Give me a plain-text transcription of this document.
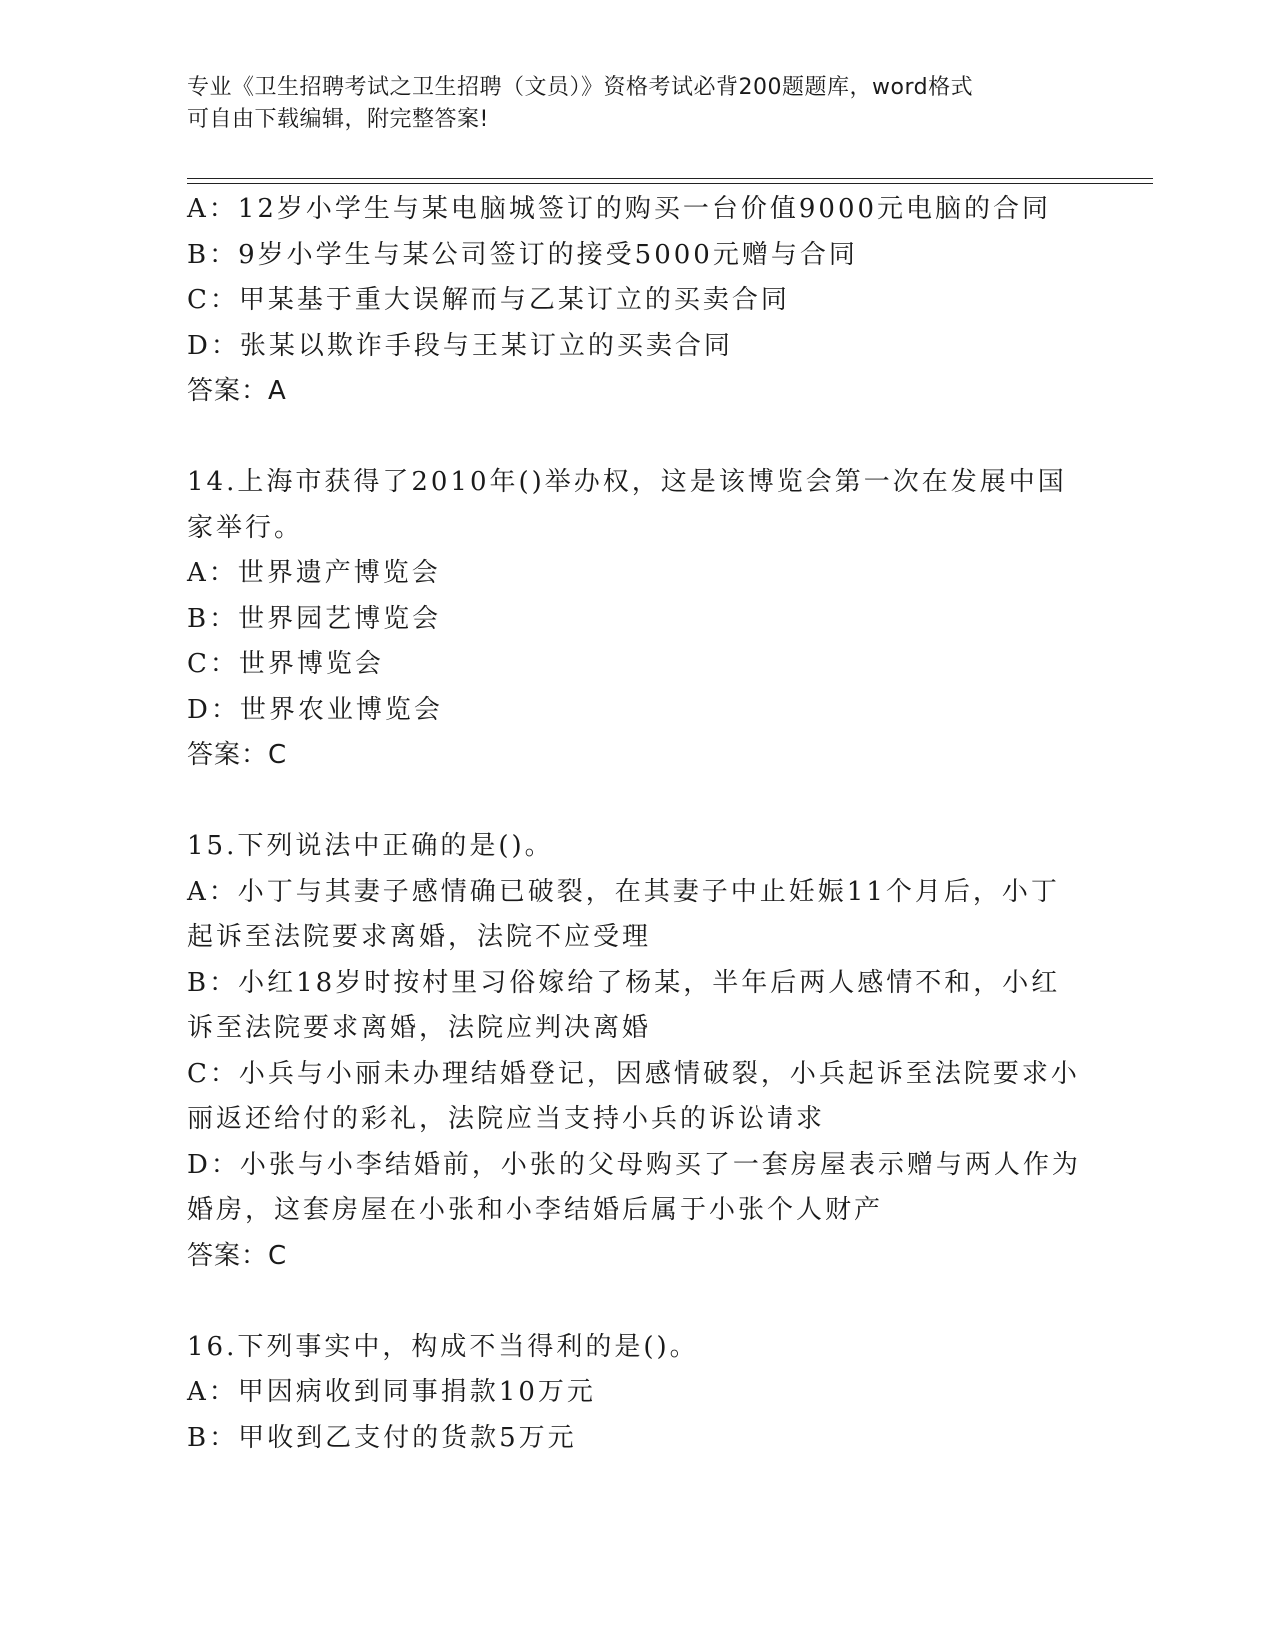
专业《卫生招聘考试之卫生招聘（文员）》资格考试必背200题题库，word格式
可自由下载编辑，附完整答案!
A：12岁小学生与某电脑城签订的购买一台价值9000元电脑的合同
B：9岁小学生与某公司签订的接受5000元赠与合同
C：甲某基于重大误解而与乙某订立的买卖合同
D：张某以欺诈手段与王某订立的买卖合同
答案：A
14.上海市获得了2010年()举办权，这是该博览会第一次在发展中国
家举行。
A：世界遗产博览会
B：世界园艺博览会
C：世界博览会
D：世界农业博览会
答案：C
15.下列说法中正确的是()。
A：小丁与其妻子感情确已破裂，在其妻子中止妊娠11个月后，小丁
起诉至法院要求离婚，法院不应受理
B：小红18岁时按村里习俗嫁给了杨某，半年后两人感情不和，小红
诉至法院要求离婚，法院应判决离婚
C：小兵与小丽未办理结婚登记，因感情破裂，小兵起诉至法院要求小
丽返还给付的彩礼，法院应当支持小兵的诉讼请求
D：小张与小李结婚前，小张的父母购买了一套房屋表示赠与两人作为
婚房，这套房屋在小张和小李结婚后属于小张个人财产
答案：C
16.下列事实中，构成不当得利的是()。
A：甲因病收到同事捐款10万元
B：甲收到乙支付的货款5万元
